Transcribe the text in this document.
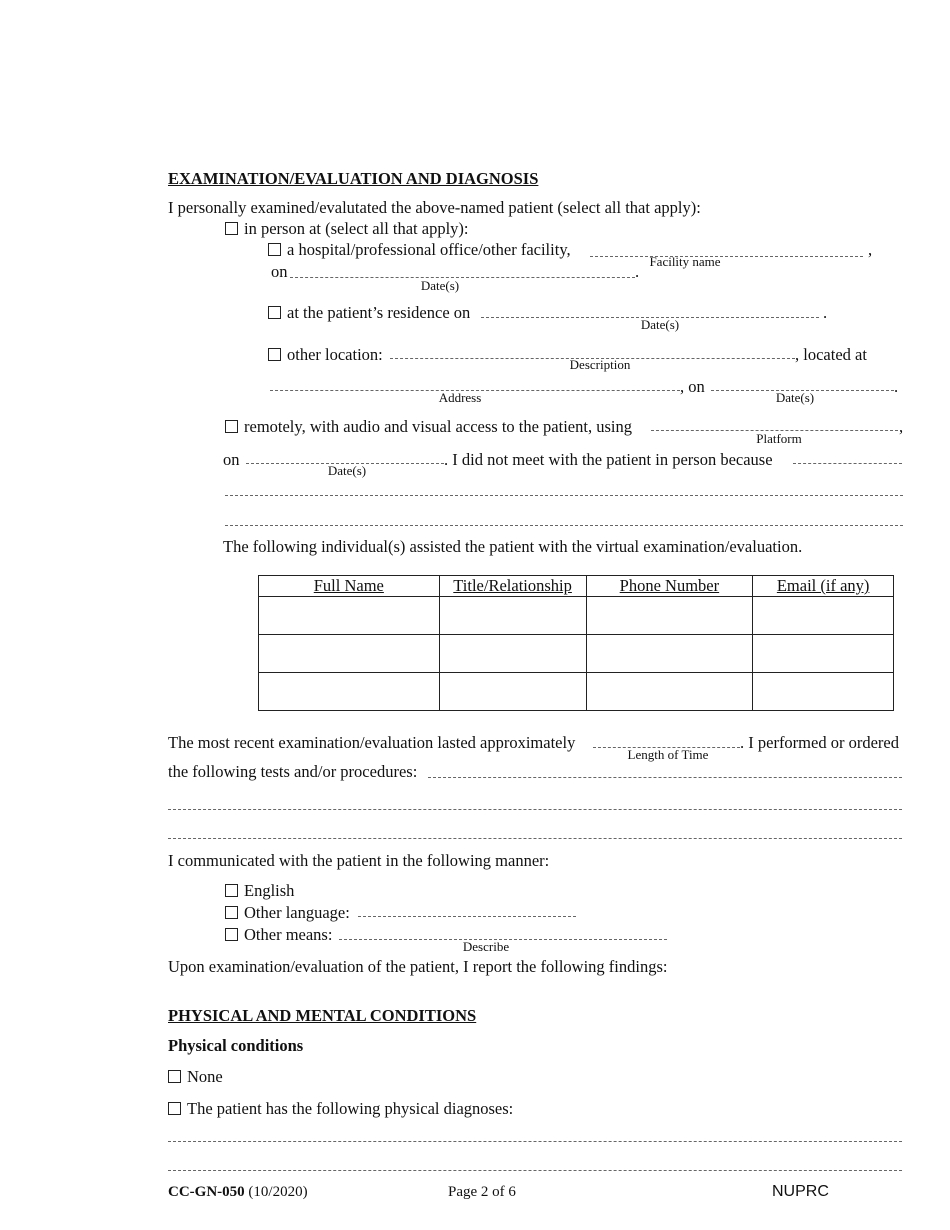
EXAMINATION/EVALUATION AND DIAGNOSIS
I personally examined/evalutated the above-named patient (select all that apply):
in person at (select all that apply):
a hospital/professional office/other facility,	,
Facility name
on	.
Date(s)
at the patient’s residence on	.
Date(s)
other location:	, located at
Description
, on	.
Address	Date(s)
remotely, with audio and visual access to the patient, using	,
Platform
on	. I did not meet with the patient in person because
Date(s)
The following individual(s) assisted the patient with the virtual examination/evaluation.
Full Name	Title/Relationship	Phone Number	Email (if any)

The most recent examination/evaluation lasted approximately	. I performed or ordered
Length of Time
the following tests and/or procedures:
I communicated with the patient in the following manner:
English
Other language:
Other means:
Describe
Upon examination/evaluation of the patient, I report the following findings:
PHYSICAL AND MENTAL CONDITIONS
Physical conditions
None
The patient has the following physical diagnoses:
CC-GN-050 (10/2020)	Page 2 of 6	NUPRC
